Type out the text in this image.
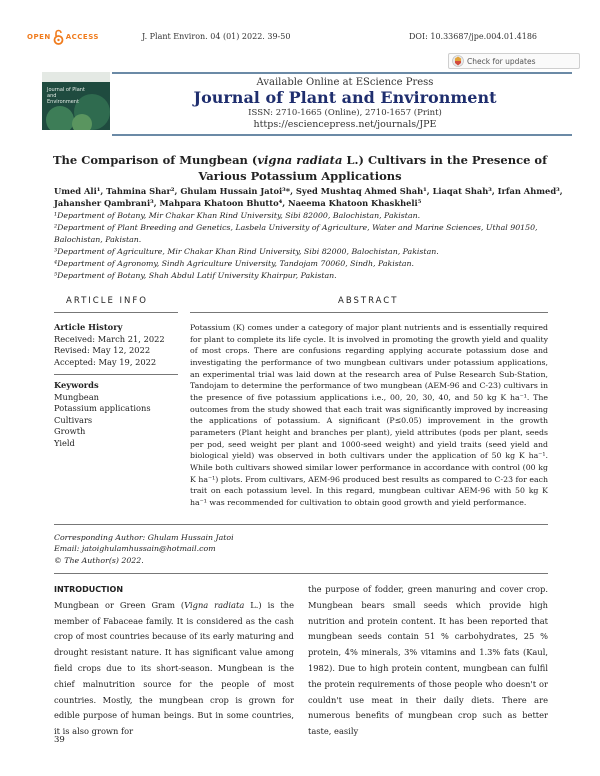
OPEN ACCESS	J. Plant Environ. 04 (01) 2022. 39-50	DOI: 10.33687/jpe.004.01.4186
Check for updates
Journal of Plant and Environment
Available Online at EScience Press
Journal of Plant and Environment
ISSN: 2710-1665 (Online), 2710-1657 (Print)
https://esciencepress.net/journals/JPE
The Comparison of Mungbean (vigna radiata L.) Cultivars in the Presence of Various Potassium Applications
Umed Ali¹, Tahmina Shar², Ghulam Hussain Jatoi³*, Syed Mushtaq Ahmed Shah¹, Liaqat Shah³, Irfan Ahmed³, Jahansher Qambrani³, Mahpara Khatoon Bhutto⁴, Naeema Khatoon Khaskheli⁵
¹Department of Botany, Mir Chakar Khan Rind University, Sibi 82000, Balochistan, Pakistan.
²Department of Plant Breeding and Genetics, Lasbela University of Agriculture, Water and Marine Sciences, Uthal 90150, Balochistan, Pakistan.
³Department of Agriculture, Mir Chakar Khan Rind University, Sibi 82000, Balochistan, Pakistan.
⁴Department of Agronomy, Sindh Agriculture University, Tandojam 70060, Sindh, Pakistan.
⁵Department of Botany, Shah Abdul Latif University Khairpur, Pakistan.
ARTICLE INFO	ABSTRACT
Article History
Received: March 21, 2022
Revised: May 12, 2022
Accepted: May 19, 2022
Keywords
Mungbean
Potassium applications
Cultivars
Growth
Yield
Potassium (K) comes under a category of major plant nutrients and is essentially required for plant to complete its life cycle. It is involved in promoting the growth yield and quality of most crops. There are confusions regarding applying accurate potassium dose and investigating the performance of two mungbean cultivars under potassium applications, an experimental trial was laid down at the research area of Pulse Research Sub-Station, Tandojam to determine the performance of two mungbean (AEM-96 and C-23) cultivars in the presence of five potassium applications i.e., 00, 20, 30, 40, and 50 kg K ha⁻¹. The outcomes from the study showed that each trait was significantly improved by increasing the applications of potassium. A significant (P≤0.05) improvement in the growth parameters (Plant height and branches per plant), yield attributes (pods per plant, seeds per pod, seed weight per plant and 1000-seed weight) and yield traits (seed yield and biological yield) was observed in both cultivars under the application of 50 kg K ha⁻¹. While both cultivars showed similar lower performance in accordance with control (00 kg K ha⁻¹) plots. From cultivars, AEM-96 produced best results as compared to C-23 for each trait on each potassium level. In this regard, mungbean cultivar AEM-96 with 50 kg K ha⁻¹ was recommended for cultivation to obtain good growth and yield performance.
Corresponding Author: Ghulam Hussain Jatoi
Email: jatoighulamhussain@hotmail.com
© The Author(s) 2022.
INTRODUCTION
Mungbean or Green Gram (Vigna radiata L.) is the member of Fabaceae family. It is considered as the cash crop of most countries because of its early maturing and drought resistant nature. It has significant value among field crops due to its short-season. Mungbean is the chief malnutrition source for the people of most countries. Mostly, the mungbean crop is grown for edible purpose of human beings. But in some countries, it is also grown for
the purpose of fodder, green manuring and cover crop. Mungbean bears small seeds which provide high nutrition and protein content. It has been reported that mungbean seeds contain 51 % carbohydrates, 25 % protein, 4% minerals, 3% vitamins and 1.3% fats (Kaul, 1982). Due to high protein content, mungbean can fulfil the protein requirements of those people who doesn't or couldn't use meat in their daily diets. There are numerous benefits of mungbean crop such as better taste, easily
39
